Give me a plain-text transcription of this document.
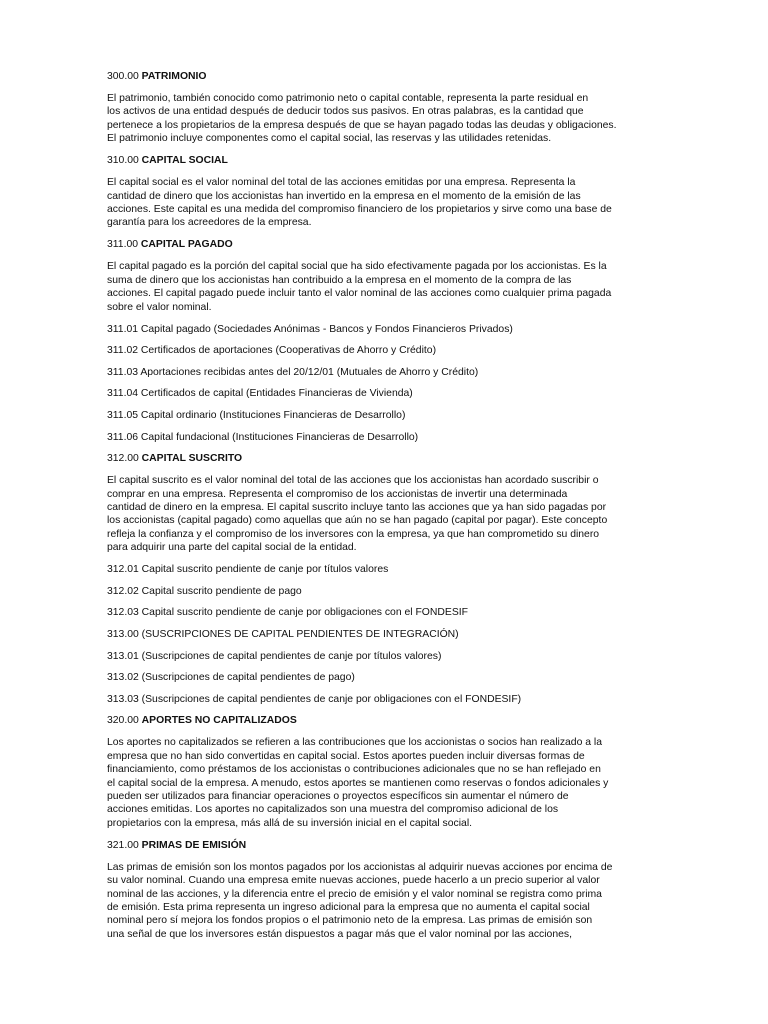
300.00 PATRIMONIO
El patrimonio, también conocido como patrimonio neto o capital contable, representa la parte residual en
los activos de una entidad después de deducir todos sus pasivos. En otras palabras, es la cantidad que
pertenece a los propietarios de la empresa después de que se hayan pagado todas las deudas y obligaciones.
El patrimonio incluye componentes como el capital social, las reservas y las utilidades retenidas.
310.00 CAPITAL SOCIAL
El capital social es el valor nominal del total de las acciones emitidas por una empresa. Representa la
cantidad de dinero que los accionistas han invertido en la empresa en el momento de la emisión de las
acciones. Este capital es una medida del compromiso financiero de los propietarios y sirve como una base de
garantía para los acreedores de la empresa.
311.00 CAPITAL PAGADO
El capital pagado es la porción del capital social que ha sido efectivamente pagada por los accionistas. Es la
suma de dinero que los accionistas han contribuido a la empresa en el momento de la compra de las
acciones. El capital pagado puede incluir tanto el valor nominal de las acciones como cualquier prima pagada
sobre el valor nominal.
311.01 Capital pagado (Sociedades Anónimas - Bancos y Fondos Financieros Privados)
311.02 Certificados de aportaciones (Cooperativas de Ahorro y Crédito)
311.03 Aportaciones recibidas antes del 20/12/01 (Mutuales de Ahorro y Crédito)
311.04 Certificados de capital (Entidades Financieras de Vivienda)
311.05 Capital ordinario (Instituciones Financieras de Desarrollo)
311.06 Capital fundacional (Instituciones Financieras de Desarrollo)
312.00 CAPITAL SUSCRITO
El capital suscrito es el valor nominal del total de las acciones que los accionistas han acordado suscribir o
comprar en una empresa. Representa el compromiso de los accionistas de invertir una determinada
cantidad de dinero en la empresa. El capital suscrito incluye tanto las acciones que ya han sido pagadas por
los accionistas (capital pagado) como aquellas que aún no se han pagado (capital por pagar). Este concepto
refleja la confianza y el compromiso de los inversores con la empresa, ya que han comprometido su dinero
para adquirir una parte del capital social de la entidad.
312.01 Capital suscrito pendiente de canje por títulos valores
312.02 Capital suscrito pendiente de pago
312.03 Capital suscrito pendiente de canje por obligaciones con el FONDESIF
313.00 (SUSCRIPCIONES DE CAPITAL PENDIENTES DE INTEGRACIÓN)
313.01 (Suscripciones de capital pendientes de canje por títulos valores)
313.02 (Suscripciones de capital pendientes de pago)
313.03 (Suscripciones de capital pendientes de canje por obligaciones con el FONDESIF)
320.00 APORTES NO CAPITALIZADOS
Los aportes no capitalizados se refieren a las contribuciones que los accionistas o socios han realizado a la
empresa que no han sido convertidas en capital social. Estos aportes pueden incluir diversas formas de
financiamiento, como préstamos de los accionistas o contribuciones adicionales que no se han reflejado en
el capital social de la empresa. A menudo, estos aportes se mantienen como reservas o fondos adicionales y
pueden ser utilizados para financiar operaciones o proyectos específicos sin aumentar el número de
acciones emitidas. Los aportes no capitalizados son una muestra del compromiso adicional de los
propietarios con la empresa, más allá de su inversión inicial en el capital social.
321.00 PRIMAS DE EMISIÓN
Las primas de emisión son los montos pagados por los accionistas al adquirir nuevas acciones por encima de
su valor nominal. Cuando una empresa emite nuevas acciones, puede hacerlo a un precio superior al valor
nominal de las acciones, y la diferencia entre el precio de emisión y el valor nominal se registra como prima
de emisión. Esta prima representa un ingreso adicional para la empresa que no aumenta el capital social
nominal pero sí mejora los fondos propios o el patrimonio neto de la empresa. Las primas de emisión son
una señal de que los inversores están dispuestos a pagar más que el valor nominal por las acciones,
